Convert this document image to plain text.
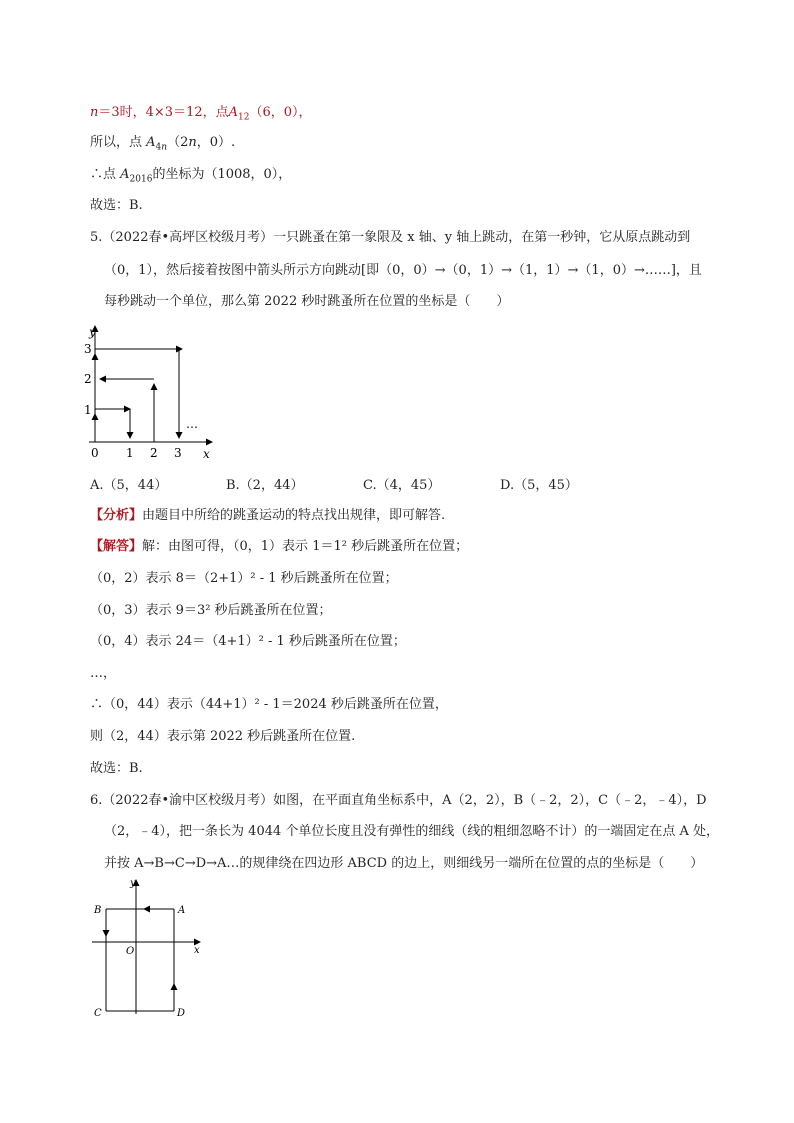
n＝3时，4×3＝12，点$A_{12}(6$，0），
所以，点 $A_{4n}(2n$，0）.
∴点 $A_{2016}$的坐标为（1008，0），
故选：B.
5.（2022春•高坪区校级月考）一只跳蚤在第一象限及 x 轴、y 轴上跳动，在第一秒钟，它从原点跳动到
（0，1），然后接着按图中箭头所示方向跳动[即（0，0）→（0，1）→（1，1）→（1，0）→……]，且
每秒跳动一个单位，那么第 2022 秒时跳蚤所在位置的坐标是（　　）
y
x
0
1
2
3
1 2 3
…
A.（5，44）	B.（2，44）	C.（4，45）	D.（5，45）
【分析】由题目中所给的跳蚤运动的特点找出规律，即可解答.
【解答】解：由图可得，（0，1）表示 1＝1² 秒后跳蚤所在位置；
（0，2）表示 8＝（2+1）² - 1 秒后跳蚤所在位置；
（0，3）表示 9＝3² 秒后跳蚤所在位置；
（0，4）表示 24＝（4+1）² - 1 秒后跳蚤所在位置；
…，
∴（0，44）表示（44+1）² - 1＝2024 秒后跳蚤所在位置，
则（2，44）表示第 2022 秒后跳蚤所在位置.
故选：B.
6.（2022春•渝中区校级月考）如图，在平面直角坐标系中，A（2，2），B（﹣2，2），C（﹣2，﹣4），D
（2，﹣4），把一条长为 4044 个单位长度且没有弹性的细线（线的粗细忽略不计）的一端固定在点 A 处，
并按 A→B→C→D→A…的规律绕在四边形 ABCD 的边上，则细线另一端所在位置的点的坐标是（　　）
y
x
O
A
B
C	D
